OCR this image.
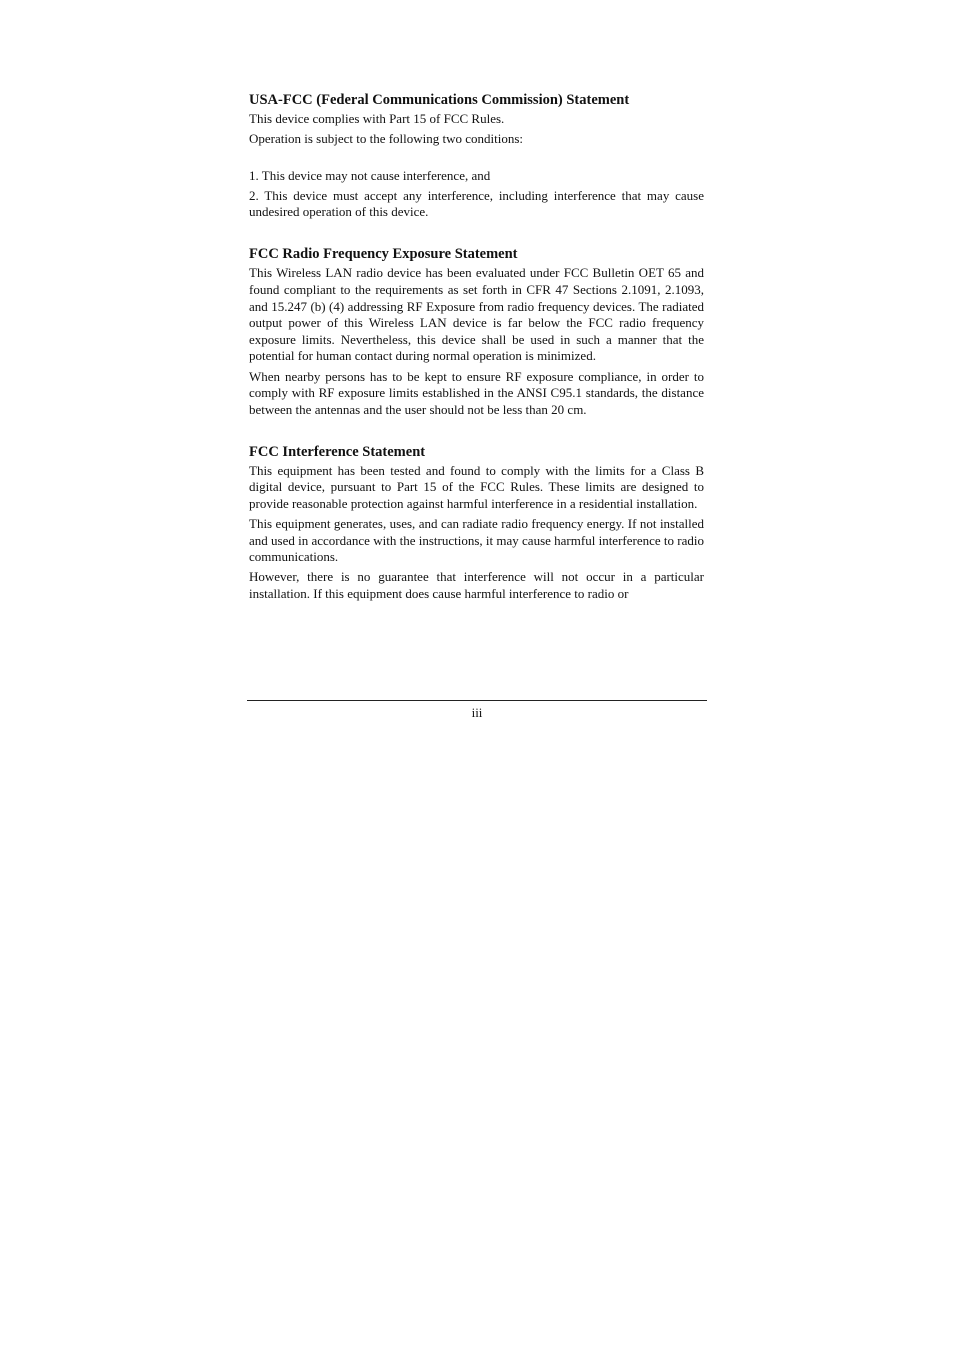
USA-FCC (Federal Communications Commission) Statement

This device complies with Part 15 of FCC Rules.

Operation is subject to the following two conditions:

1. This device may not cause interference, and

2. This device must accept any interference, including interference that may cause undesired operation of this device.

FCC Radio Frequency Exposure Statement

This Wireless LAN radio device has been evaluated under FCC Bulletin OET 65 and found compliant to the requirements as set forth in CFR 47 Sections 2.1091, 2.1093, and 15.247 (b) (4) addressing RF Exposure from radio frequency devices. The radiated output power of this Wireless LAN device is far below the FCC radio frequency exposure limits. Nevertheless, this device shall be used in such a manner that the potential for human contact during normal operation is minimized.

When nearby persons has to be kept to ensure RF exposure compliance, in order to comply with RF exposure limits established in the ANSI C95.1 standards, the distance between the antennas and the user should not be less than 20 cm.

FCC Interference Statement

This equipment has been tested and found to comply with the limits for a Class B digital device, pursuant to Part 15 of the FCC Rules. These limits are designed to provide reasonable protection against harmful interference in a residential installation.

This equipment generates, uses, and can radiate radio frequency energy. If not installed and used in accordance with the instructions, it may cause harmful interference to radio communications.

However, there is no guarantee that interference will not occur in a particular installation. If this equipment does cause harmful interference to radio or

iii
